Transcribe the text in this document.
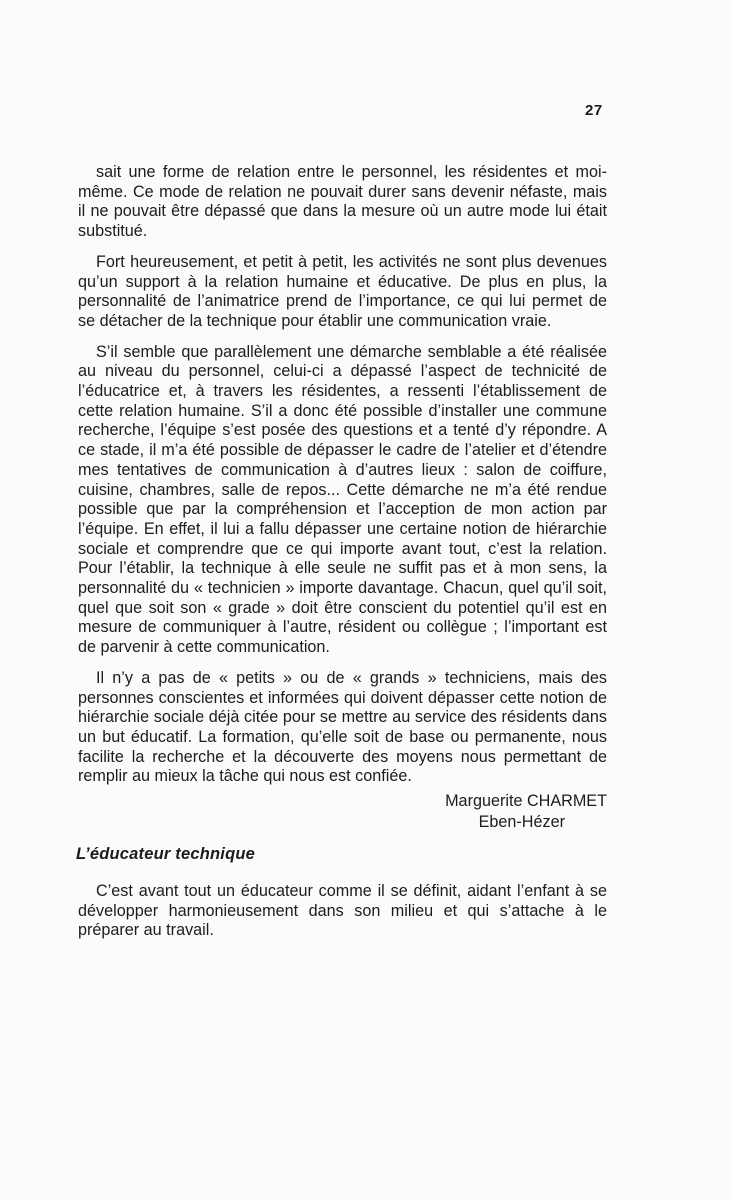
27

sait une forme de relation entre le personnel, les résidentes et moi-même. Ce mode de relation ne pouvait durer sans devenir néfaste, mais il ne pouvait être dépassé que dans la mesure où un autre mode lui était substitué.

Fort heureusement, et petit à petit, les activités ne sont plus devenues qu’un support à la relation humaine et éducative. De plus en plus, la personnalité de l’animatrice prend de l’importance, ce qui lui permet de se détacher de la technique pour établir une communication vraie.

S’il semble que parallèlement une démarche semblable a été réalisée au niveau du personnel, celui-ci a dépassé l’aspect de technicité de l’éducatrice et, à travers les résidentes, a ressenti l’établissement de cette relation humaine. S’il a donc été possible d’installer une commune recherche, l’équipe s’est posée des questions et a tenté d’y répondre. A ce stade, il m’a été possible de dépasser le cadre de l’atelier et d’étendre mes tentatives de communication à d’autres lieux : salon de coiffure, cuisine, chambres, salle de repos... Cette démarche ne m’a été rendue possible que par la compréhension et l’acception de mon action par l’équipe. En effet, il lui a fallu dépasser une certaine notion de hiérarchie sociale et comprendre que ce qui importe avant tout, c’est la relation. Pour l’établir, la technique à elle seule ne suffit pas et à mon sens, la personnalité du « technicien » importe davantage. Chacun, quel qu’il soit, quel que soit son « grade » doit être conscient du potentiel qu’il est en mesure de communiquer à l’autre, résident ou collègue ; l’important est de parvenir à cette communication.

Il n’y a pas de « petits » ou de « grands » techniciens, mais des personnes conscientes et informées qui doivent dépasser cette notion de hiérarchie sociale déjà citée pour se mettre au service des résidents dans un but éducatif. La formation, qu’elle soit de base ou permanente, nous facilite la recherche et la découverte des moyens nous permettant de remplir au mieux la tâche qui nous est confiée.

Marguerite CHARMET
Eben-Hézer
L’éducateur technique

C’est avant tout un éducateur comme il se définit, aidant l’enfant à se développer harmonieusement dans son milieu et qui s’attache à le préparer au travail.
